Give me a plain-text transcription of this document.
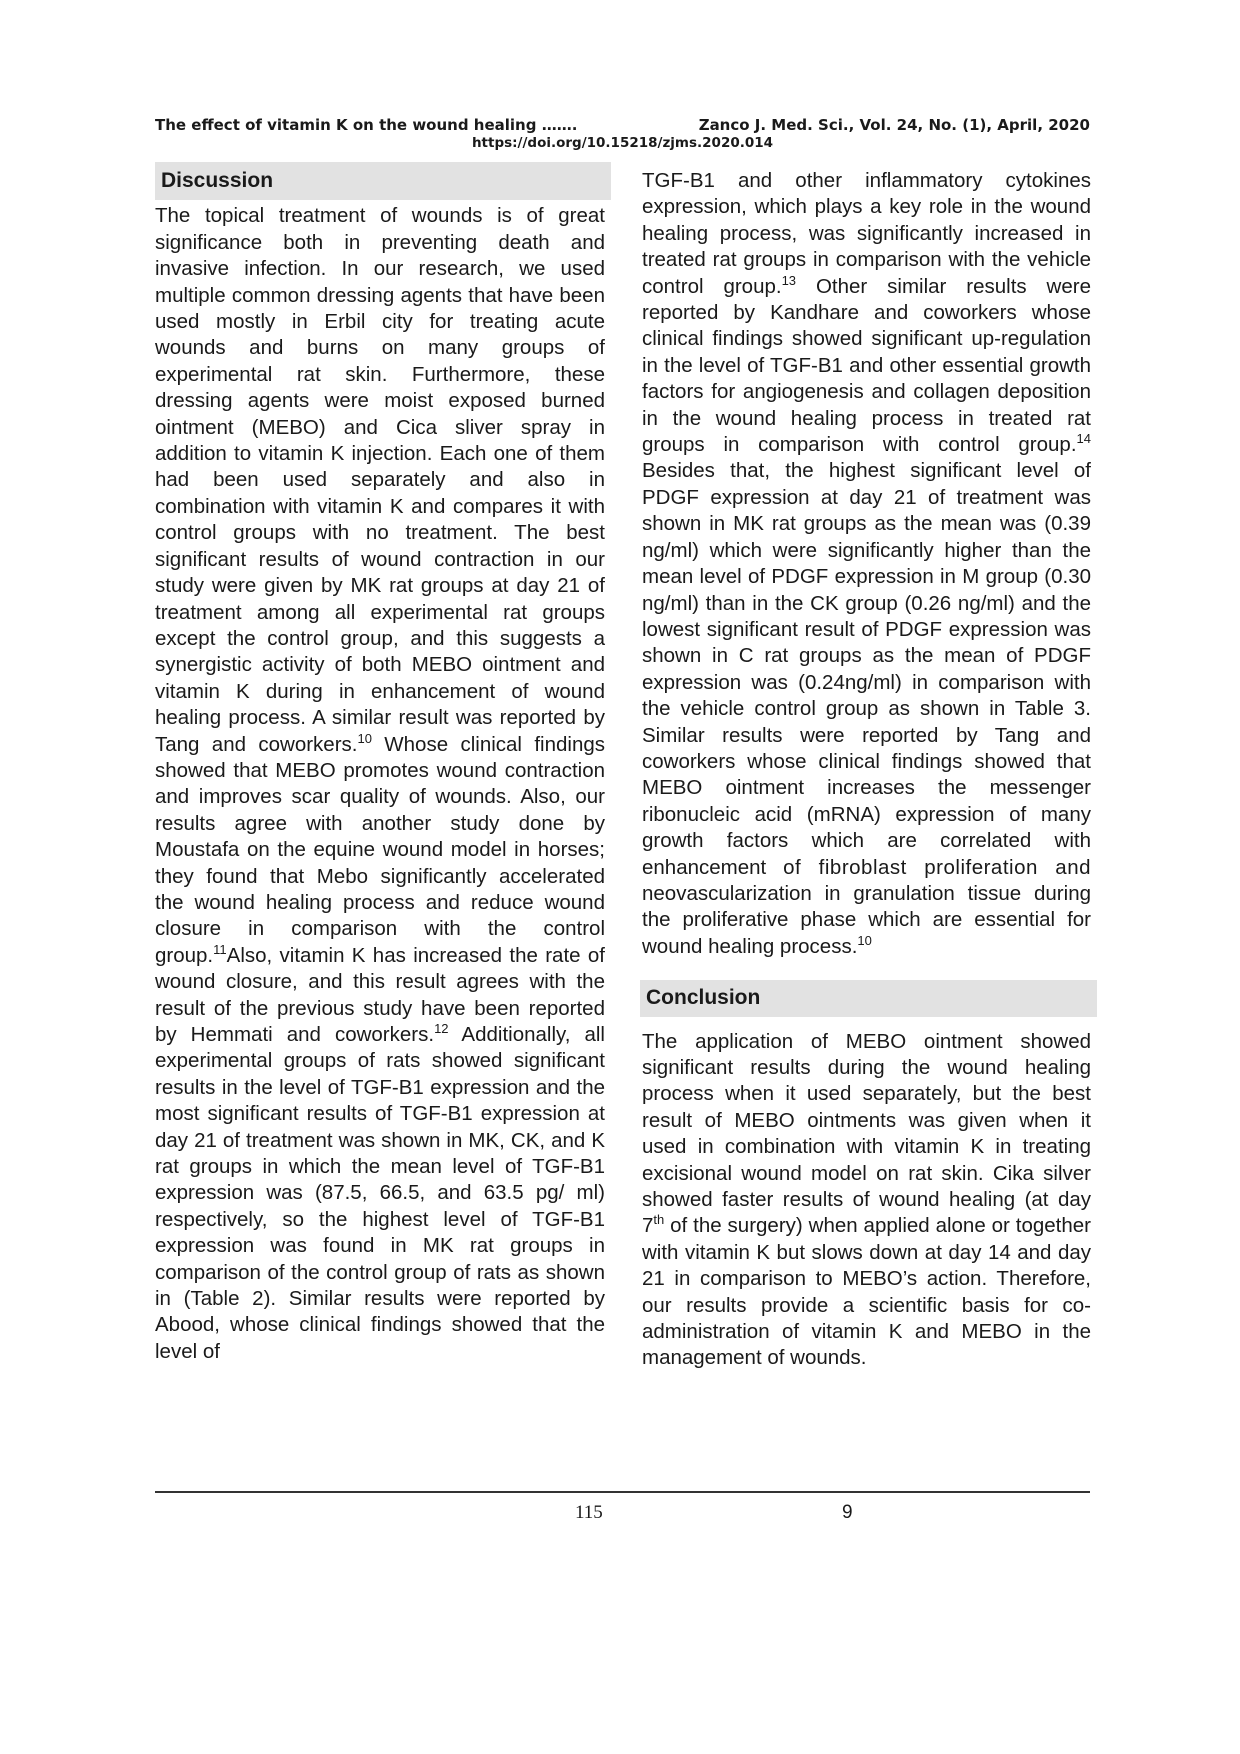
The effect of vitamin K on the wound healing …….	Zanco J. Med. Sci., Vol. 24, No. (1), April, 2020
https://doi.org/10.15218/zjms.2020.014
Discussion

The topical treatment of wounds is of great significance both in preventing death and invasive infection. In our research, we used multiple common dressing agents that have been used mostly in Erbil city for treating acute wounds and burns on many groups of experimental rat skin. Furthermore, these dressing agents were moist exposed burned ointment (MEBO) and Cica sliver spray in addition to vitamin K injection. Each one of them had been used separately and also in combination with vitamin K and compares it with control groups with no treatment. The best significant results of wound contraction in our study were given by MK rat groups at day 21 of treatment among all experimental rat groups except the control group, and this suggests a synergistic activity of both MEBO ointment and vitamin K during in enhancement of wound healing process. A similar result was reported by Tang and coworkers.$^{10}$ Whose clinical findings showed that MEBO promotes wound contraction and improves scar quality of wounds. Also, our results agree with another study done by Moustafa on the equine wound model in horses; they found that Mebo significantly accelerated the wound healing process and reduce wound closure in comparison with the control group.$^{11}$Also, vitamin K has increased the rate of wound closure, and this result agrees with the result of the previous study have been reported by Hemmati and coworkers.$^{12}$ Additionally, all experimental groups of rats showed significant results in the level of TGF-B1 expression and the most significant results of TGF-B1 expression at day 21 of treatment was shown in MK, CK, and K rat groups in which the mean level of TGF-B1 expression was (87.5, 66.5, and 63.5 pg/ ml) respectively, so the highest level of TGF-B1 expression was found in MK rat groups in comparison of the control group of rats as shown in (Table 2). Similar results were reported by Abood, whose clinical findings showed that the level of

TGF-B1 and other inflammatory cytokines expression, which plays a key role in the wound healing process, was significantly increased in treated rat groups in comparison with the vehicle control group.$^{13}$ Other similar results were reported by Kandhare and coworkers whose clinical findings showed significant up-regulation in the level of TGF-B1 and other essential growth factors for angiogenesis and collagen deposition in the wound healing process in treated rat groups in comparison with control group.$^{14}$ Besides that, the highest significant level of PDGF expression at day 21 of treatment was shown in MK rat groups as the mean was (0.39 ng/ml) which were significantly higher than the mean level of PDGF expression in M group (0.30 ng/ml) than in the CK group (0.26 ng/ml) and the lowest significant result of PDGF expression was shown in C rat groups as the mean of PDGF expression was (0.24ng/ml) in comparison with the vehicle control group as shown in Table 3. Similar results were reported by Tang and coworkers whose clinical findings showed that MEBO ointment increases the messenger ribonucleic acid (mRNA) expression of many growth factors which are correlated with enhancement of fibroblast proliferation and neovascularization in granulation tissue during the proliferative phase which are essential for wound healing process.$^{10}$

Conclusion

The application of MEBO ointment showed significant results during the wound healing process when it used separately, but the best result of MEBO ointments was given when it used in combination with vitamin K in treating excisional wound model on rat skin. Cika silver showed faster results of wound healing (at day 7th of the surgery) when applied alone or together with vitamin K but slows down at day 14 and day 21 in comparison to MEBO’s action. Therefore, our results provide a scientific basis for co-administration of vitamin K and MEBO in the management of wounds.

115	9
